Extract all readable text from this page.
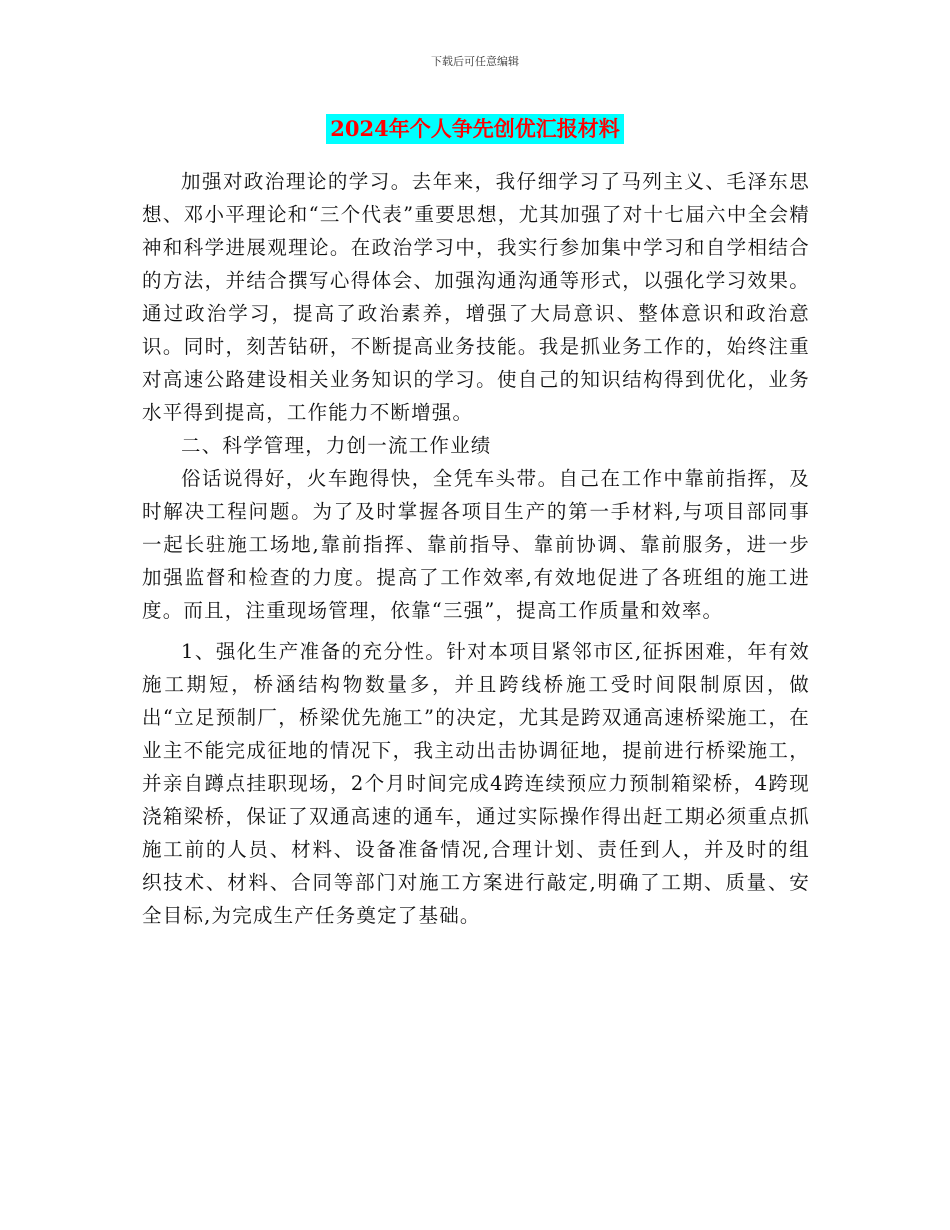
下载后可任意编辑
2024年个人争先创优汇报材料

加强对政治理论的学习。去年来，我仔细学习了马列主义、毛泽东思想、邓小平理论和“三个代表”重要思想，尤其加强了对十七届六中全会精神和科学进展观理论。在政治学习中，我实行参加集中学习和自学相结合的方法，并结合撰写心得体会、加强沟通沟通等形式，以强化学习效果。通过政治学习，提高了政治素养，增强了大局意识、整体意识和政治意识。同时，刻苦钻研，不断提高业务技能。我是抓业务工作的，始终注重对高速公路建设相关业务知识的学习。使自己的知识结构得到优化，业务水平得到提高，工作能力不断增强。

二、科学管理，力创一流工作业绩

俗话说得好，火车跑得快，全凭车头带。自己在工作中靠前指挥，及时解决工程问题。为了及时掌握各项目生产的第一手材料,与项目部同事一起长驻施工场地,靠前指挥、靠前指导、靠前协调、靠前服务，进一步加强监督和检查的力度。提高了工作效率,有效地促进了各班组的施工进度。而且，注重现场管理，依靠“三强”，提高工作质量和效率。

1、强化生产准备的充分性。针对本项目紧邻市区,征拆困难，年有效施工期短，桥涵结构物数量多，并且跨线桥施工受时间限制原因，做出“立足预制厂，桥梁优先施工”的决定，尤其是跨双通高速桥梁施工，在业主不能完成征地的情况下，我主动出击协调征地，提前进行桥梁施工，并亲自蹲点挂职现场，2个月时间完成4跨连续预应力预制箱梁桥，4跨现浇箱梁桥，保证了双通高速的通车，通过实际操作得出赶工期必须重点抓施工前的人员、材料、设备准备情况,合理计划、责任到人，并及时的组织技术、材料、合同等部门对施工方案进行敲定,明确了工期、质量、安全目标,为完成生产任务奠定了基础。
